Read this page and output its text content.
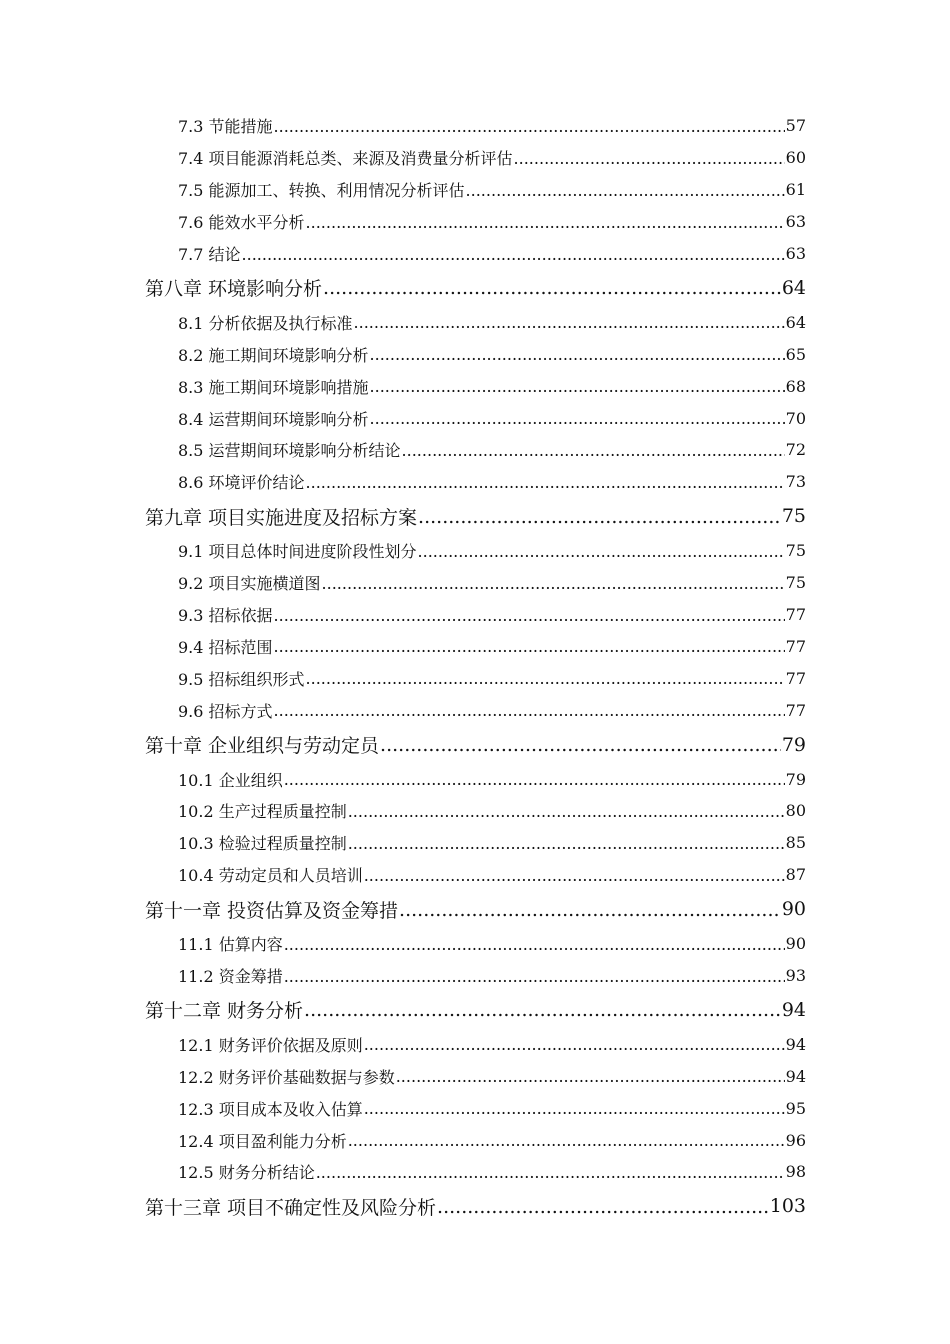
7.3 节能措施 .....	57
7.4 项目能源消耗总类、来源及消费量分析评估 .....	60
7.5 能源加工、转换、利用情况分析评估 .....	61
7.6 能效水平分析 .....	63
7.7 结论 .....	63
第八章 环境影响分析 .....	64
8.1 分析依据及执行标准 .....	64
8.2 施工期间环境影响分析 .....	65
8.3 施工期间环境影响措施 .....	68
8.4 运营期间环境影响分析 .....	70
8.5 运营期间环境影响分析结论 .....	72
8.6 环境评价结论 .....	73
第九章 项目实施进度及招标方案 .....	75
9.1 项目总体时间进度阶段性划分 .....	75
9.2 项目实施横道图 .....	75
9.3 招标依据 .....	77
9.4 招标范围 .....	77
9.5 招标组织形式 .....	77
9.6 招标方式 .....	77
第十章 企业组织与劳动定员 .....	79
10.1 企业组织 .....	79
10.2 生产过程质量控制 .....	80
10.3 检验过程质量控制 .....	85
10.4 劳动定员和人员培训 .....	87
第十一章 投资估算及资金筹措 .....	90
11.1 估算内容 .....	90
11.2 资金筹措 .....	93
第十二章 财务分析 .....	94
12.1 财务评价依据及原则 .....	94
12.2 财务评价基础数据与参数 .....	94
12.3 项目成本及收入估算 .....	95
12.4 项目盈利能力分析 .....	96
12.5 财务分析结论 .....	98
第十三章 项目不确定性及风险分析 .....	103
